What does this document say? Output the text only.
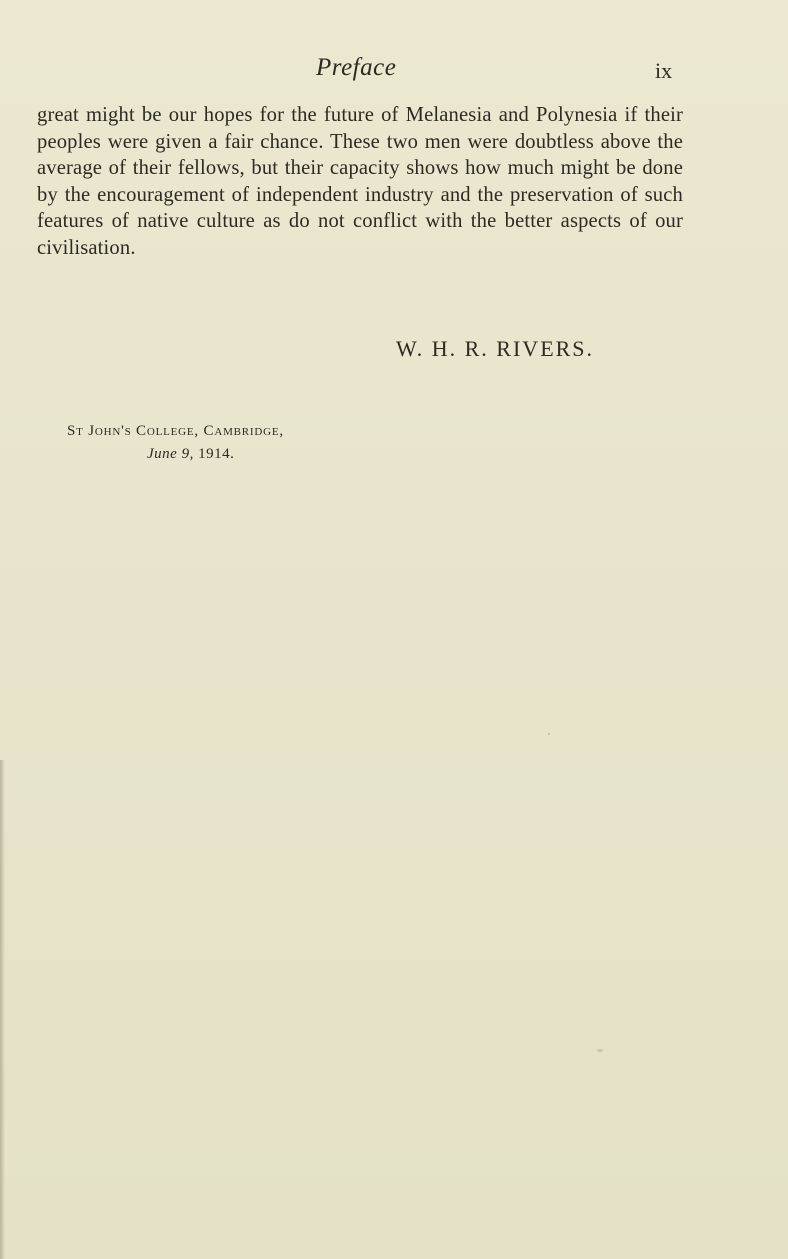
Preface	ix

great might be our hopes for the future of Melanesia and Polynesia if their peoples were given a fair chance. These two men were doubtless above the average of their fellows, but their capacity shows how much might be done by the encouragement of independent industry and the preservation of such features of native culture as do not conflict with the better aspects of our civilisation.

W. H. R. RIVERS.
St John's College, Cambridge,
June 9, 1914.
